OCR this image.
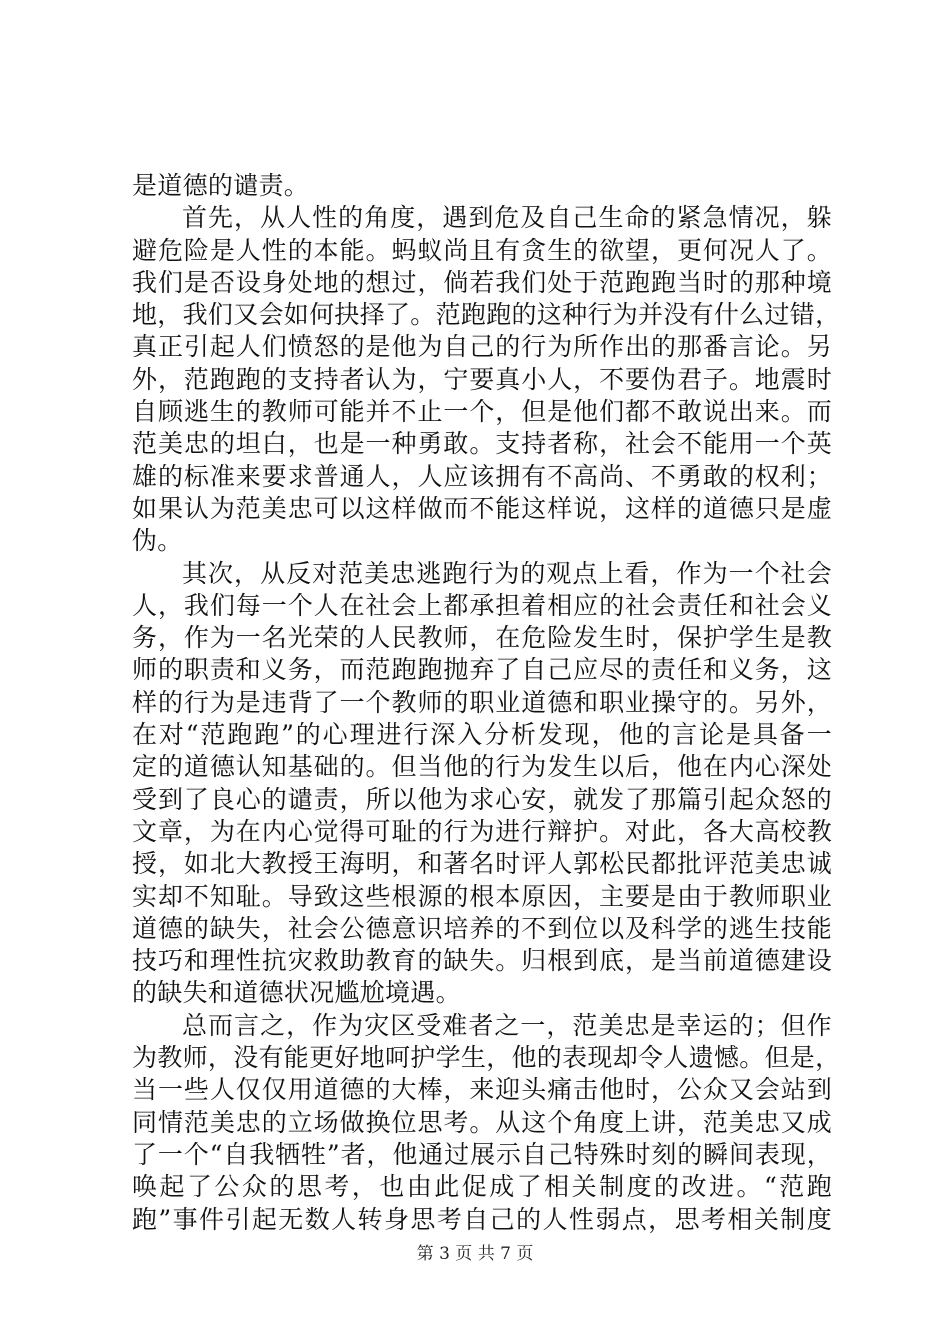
是道德的谴责。
首先，从人性的角度，遇到危及自己生命的紧急情况，躲
避危险是人性的本能。蚂蚁尚且有贪生的欲望，更何况人了。
我们是否设身处地的想过，倘若我们处于范跑跑当时的那种境
地，我们又会如何抉择了。范跑跑的这种行为并没有什么过错，
真正引起人们愤怒的是他为自己的行为所作出的那番言论。另
外，范跑跑的支持者认为，宁要真小人，不要伪君子。地震时
自顾逃生的教师可能并不止一个，但是他们都不敢说出来。而
范美忠的坦白，也是一种勇敢。支持者称，社会不能用一个英
雄的标准来要求普通人，人应该拥有不高尚、不勇敢的权利；
如果认为范美忠可以这样做而不能这样说，这样的道德只是虚
伪。
其次，从反对范美忠逃跑行为的观点上看，作为一个社会
人，我们每一个人在社会上都承担着相应的社会责任和社会义
务，作为一名光荣的人民教师，在危险发生时，保护学生是教
师的职责和义务，而范跑跑抛弃了自己应尽的责任和义务，这
样的行为是违背了一个教师的职业道德和职业操守的。另外，
在对“范跑跑”的心理进行深入分析发现，他的言论是具备一
定的道德认知基础的。但当他的行为发生以后，他在内心深处
受到了良心的谴责，所以他为求心安，就发了那篇引起众怒的
文章，为在内心觉得可耻的行为进行辩护。对此，各大高校教
授，如北大教授王海明，和著名时评人郭松民都批评范美忠诚
实却不知耻。导致这些根源的根本原因，主要是由于教师职业
道德的缺失，社会公德意识培养的不到位以及科学的逃生技能
技巧和理性抗灾救助教育的缺失。归根到底，是当前道德建设
的缺失和道德状况尴尬境遇。
总而言之，作为灾区受难者之一，范美忠是幸运的；但作
为教师，没有能更好地呵护学生，他的表现却令人遗憾。但是，
当一些人仅仅用道德的大棒，来迎头痛击他时，公众又会站到
同情范美忠的立场做换位思考。从这个角度上讲，范美忠又成
了一个“自我牺牲”者，他通过展示自己特殊时刻的瞬间表现，
唤起了公众的思考，也由此促成了相关制度的改进。“范跑
跑”事件引起无数人转身思考自己的人性弱点，思考相关制度
第 3 页 共 7 页
